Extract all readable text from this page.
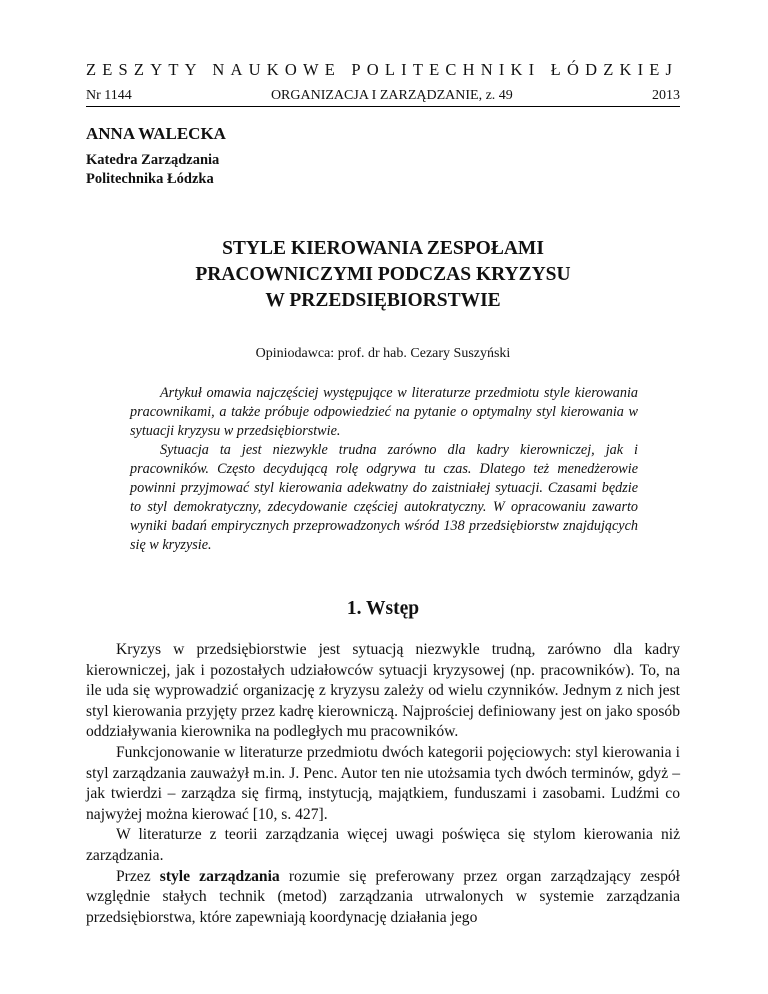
ZESZYTY NAUKOWE POLITECHNIKI ŁÓDZKIEJ
Nr 1144	ORGANIZACJA I ZARZĄDZANIE, z. 49	2013
ANNA WALECKA
Katedra Zarządzania
Politechnika Łódzka
STYLE KIEROWANIA ZESPOŁAMI
PRACOWNICZYMI PODCZAS KRYZYSU
W PRZEDSIĘBIORSTWIE
Opiniodawca: prof. dr hab. Cezary Suszyński

Artykuł omawia najczęściej występujące w literaturze przedmiotu style kierowania pracownikami, a także próbuje odpowiedzieć na pytanie o optymalny styl kierowania w sytuacji kryzysu w przedsiębiorstwie.

Sytuacja ta jest niezwykle trudna zarówno dla kadry kierowniczej, jak i pracowników. Często decydującą rolę odgrywa tu czas. Dlatego też menedżerowie powinni przyjmować styl kierowania adekwatny do zaistniałej sytuacji. Czasami będzie to styl demokratyczny, zdecydowanie częściej autokratyczny. W opracowaniu zawarto wyniki badań empirycznych przeprowadzonych wśród 138 przedsiębiorstw znajdujących się w kryzysie.

1. Wstęp

Kryzys w przedsiębiorstwie jest sytuacją niezwykle trudną, zarówno dla kadry kierowniczej, jak i pozostałych udziałowców sytuacji kryzysowej (np. pracowników). To, na ile uda się wyprowadzić organizację z kryzysu zależy od wielu czynników. Jednym z nich jest styl kierowania przyjęty przez kadrę kierowniczą. Najprościej definiowany jest on jako sposób oddziaływania kierownika na podległych mu pracowników.

Funkcjonowanie w literaturze przedmiotu dwóch kategorii pojęciowych: styl kierowania i styl zarządzania zauważył m.in. J. Penc. Autor ten nie utożsamia tych dwóch terminów, gdyż – jak twierdzi – zarządza się firmą, instytucją, majątkiem, funduszami i zasobami. Ludźmi co najwyżej można kierować [10, s. 427].

W literaturze z teorii zarządzania więcej uwagi poświęca się stylom kierowania niż zarządzania.

Przez style zarządzania rozumie się preferowany przez organ zarządzający zespół względnie stałych technik (metod) zarządzania utrwalonych w systemie zarządzania przedsiębiorstwa, które zapewniają koordynację działania jego
